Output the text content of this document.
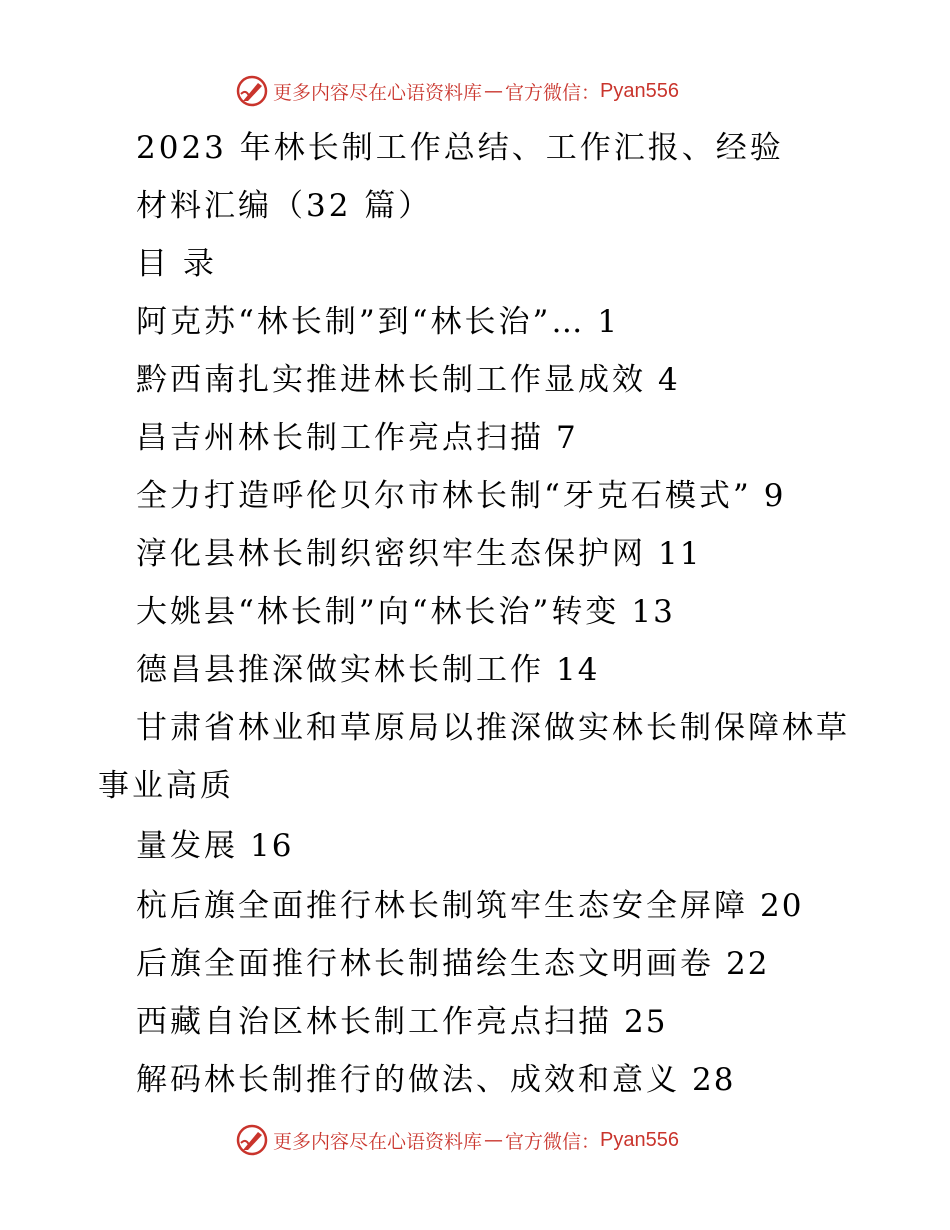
更多内容尽在心语资料库 — 官方微信： Pyan556
2023 年林长制工作总结、工作汇报、经验
材料汇编（32 篇）
目 录
阿克苏“林长制”到“林长治”… 1
黔西南扎实推进林长制工作显成效 4
昌吉州林长制工作亮点扫描 7
全力打造呼伦贝尔市林长制“牙克石模式” 9
淳化县林长制织密织牢生态保护网 11
大姚县“林长制”向“林长治”转变 13
德昌县推深做实林长制工作 14
甘肃省林业和草原局以推深做实林长制保障林草
事业高质
量发展 16
杭后旗全面推行林长制筑牢生态安全屏障 20
后旗全面推行林长制描绘生态文明画卷 22
西藏自治区林长制工作亮点扫描 25
解码林长制推行的做法、成效和意义 28
更多内容尽在心语资料库 — 官方微信： Pyan556
